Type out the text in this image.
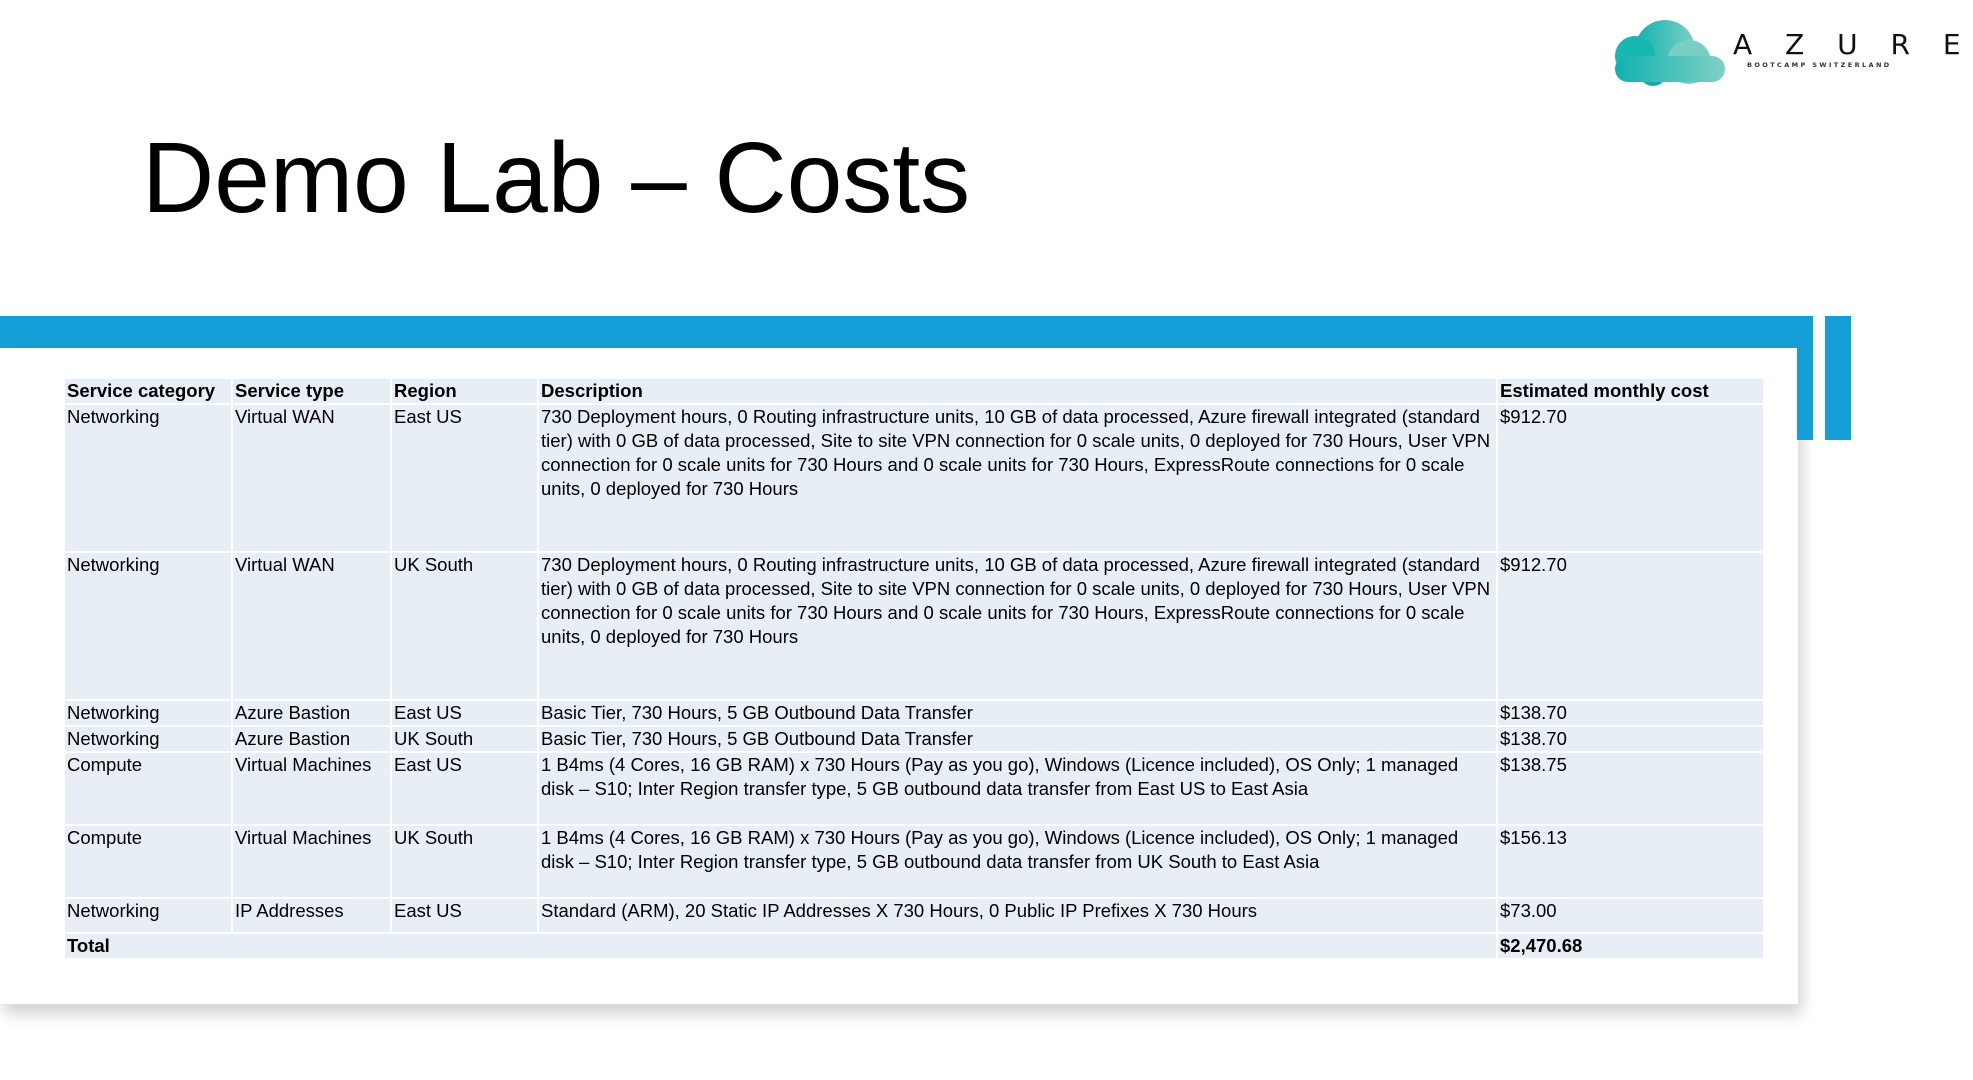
A Z U R E
BOOTCAMP SWITZERLAND
Demo Lab – Costs
Service category	Service type	Region	Description	Estimated monthly cost
Networking	Virtual WAN	East US	730 Deployment hours, 0 Routing infrastructure units, 10 GB of data processed, Azure firewall integrated (standard tier) with 0 GB of data processed, Site to site VPN connection for 0 scale units, 0 deployed for 730 Hours, User VPN connection for 0 scale units for 730 Hours and 0 scale units for 730 Hours, ExpressRoute connections for 0 scale units, 0 deployed for 730 Hours	$912.70
Networking	Virtual WAN	UK South	730 Deployment hours, 0 Routing infrastructure units, 10 GB of data processed, Azure firewall integrated (standard tier) with 0 GB of data processed, Site to site VPN connection for 0 scale units, 0 deployed for 730 Hours, User VPN connection for 0 scale units for 730 Hours and 0 scale units for 730 Hours, ExpressRoute connections for 0 scale units, 0 deployed for 730 Hours	$912.70
Networking	Azure Bastion	East US	Basic Tier, 730 Hours, 5 GB Outbound Data Transfer	$138.70
Networking	Azure Bastion	UK South	Basic Tier, 730 Hours, 5 GB Outbound Data Transfer	$138.70
Compute	Virtual Machines	East US	1 B4ms (4 Cores, 16 GB RAM) x 730 Hours (Pay as you go), Windows (Licence included), OS Only; 1 managed disk – S10; Inter Region transfer type, 5 GB outbound data transfer from East US to East Asia	$138.75
Compute	Virtual Machines	UK South	1 B4ms (4 Cores, 16 GB RAM) x 730 Hours (Pay as you go), Windows (Licence included), OS Only; 1 managed disk – S10; Inter Region transfer type, 5 GB outbound data transfer from UK South to East Asia	$156.13
Networking	IP Addresses	East US	Standard (ARM), 20 Static IP Addresses X 730 Hours, 0 Public IP Prefixes X 730 Hours	$73.00
Total				$2,470.68
